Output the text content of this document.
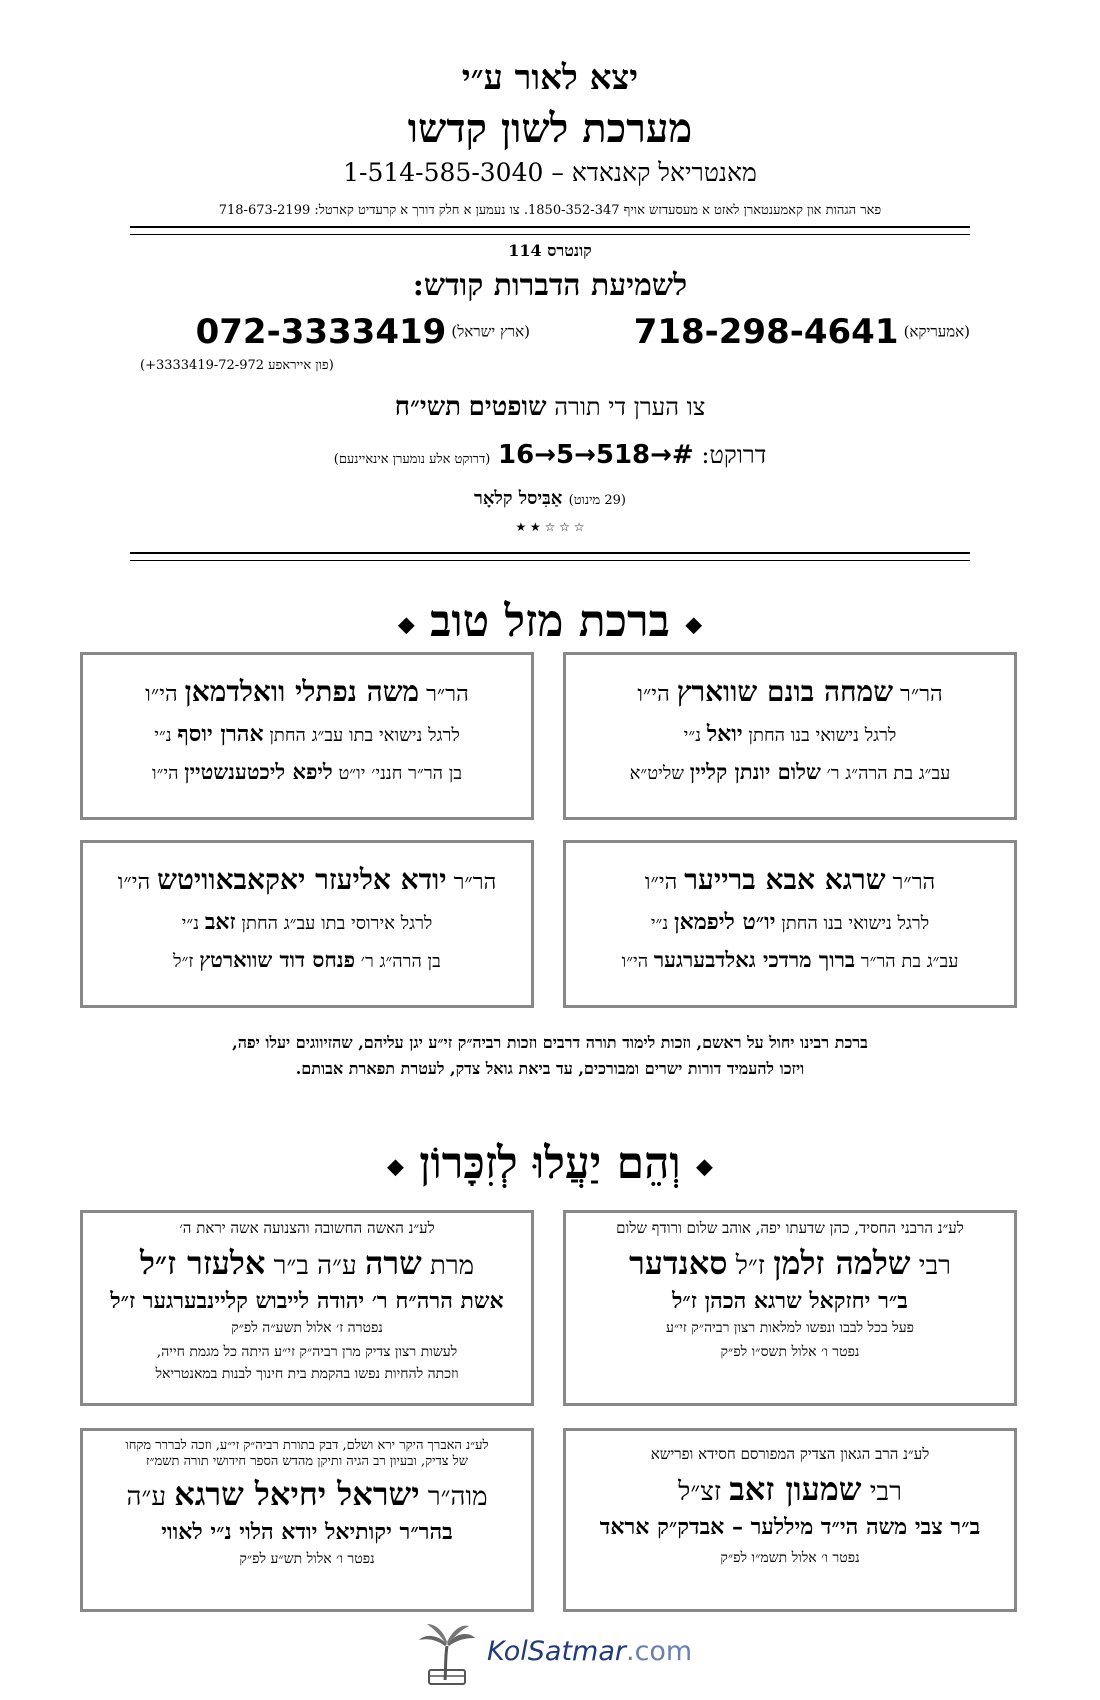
יצא לאור ע״י
מערכת לשון קדשו
מאנטריאל קאנאדא – 1-514-585-3040
פאר הגהות און קאמענטארן לאזט א מעסעדזש אויף 1850-352-347. צו נעמען א חלק דורך א קרעדיט קארטל: 718-673-2199
קונטרס 114
לשמיעת הדברות קודש:
(אמעריקא) 718-298-4641
(ארץ ישראל) 072-3333419
(פון אייראפע 3333419-72-972+)
צו הערן די תורה שופטים תשי״ח
דרוקט: 16→5→518→# (דרוקט אלע נומערן אינאיינעם)
(29 מינוט) אַבִּיסל קלאָר
★ ★ ☆ ☆ ☆
◆ ברכת מזל טוב ◆
הר״ר שמחה בונם שווארץ הי״ו
לרגל נישואי בנו החתן יואל נ״י
עב״ג בת הרה״ג ר׳ שלום יונתן קליין שליט״א
הר״ר משה נפתלי וואלדמאן הי״ו
לרגל נישואי בתו עב״ג החתן אהרן יוסף נ״י
בן הר״ר חנני׳ יו״ט ליפא ליכטענשטיין הי״ו
הר״ר שרגא אבא ברייער הי״ו
לרגל נישואי בנו החתן יו״ט ליפמאן נ״י
עב״ג בת הר״ר ברוך מרדכי גאלדבערגער הי״ו
הר״ר יודא אליעזר יאקאבאוויטש הי״ו
לרגל אירוסי בתו עב״ג החתן זאב נ״י
בן הרה״ג ר׳ פנחס דוד שווארטץ ז״ל
ברכת רבינו יחול על ראשם, וזכות לימוד תורה דרבים וזכות רביה״ק זי״ע יגן עליהם, שהזיווגים יעלו יפה,
ויזכו להעמיד דורות ישרים ומבורכים, עד ביאת גואל צדק, לעטרת תפארת אבותם.
◆ וְהֵם יַעֲלוּ לְזִכָּרוֹן ◆
לע״נ הרבני החסיד, כהן שדעתו יפה, אוהב שלום ורודף שלום
רבי שלמה זלמן ז״ל סאנדער
ב״ר יחזקאל שרגא הכהן ז״ל
פעל בכל לבבו ונפשו למלאות רצון רביה״ק זי״ע
נפטר ו׳ אלול תשס״ו לפ״ק
לע״נ האשה החשובה והצנועה אשה יראת ה׳
מרת שרה ע״ה ב״ר אלעזר ז״ל
אשת הרה״ח ר׳ יהודה לייבוש קליינבערגער ז״ל
נפטרה ז׳ אלול תשע״ה לפ״ק
לעשות רצון צדיק מרן רביה״ק זי״ע היתה כל מגמת חייה,
וזכתה להחיות נפשו בהקמת בית חינוך לבנות במאנטריאל
לע״נ הרב הגאון הצדיק המפורסם חסידא ופרישא
רבי שמעון זאב זצ״ל
ב״ר צבי משה הי״ד מיללער – אבדק״ק אראד
נפטר ו׳ אלול תשמ״ו לפ״ק
לע״נ האברך היקר ירא ושלם, דבק בתורת רביה״ק זי״ע, וזכה לבררר מקחו
של צדיק, ובעיון רב הגיה ותיקן מהדש הספר חידושי תורה תשמ״ז
מוה״ר ישראל יחיאל שרגא ע״ה
בהר״ר יקותיאל יודא הלוי נ״י לאווי
נפטר ו׳ אלול תש״ע לפ״ק
KolSatmar.com
